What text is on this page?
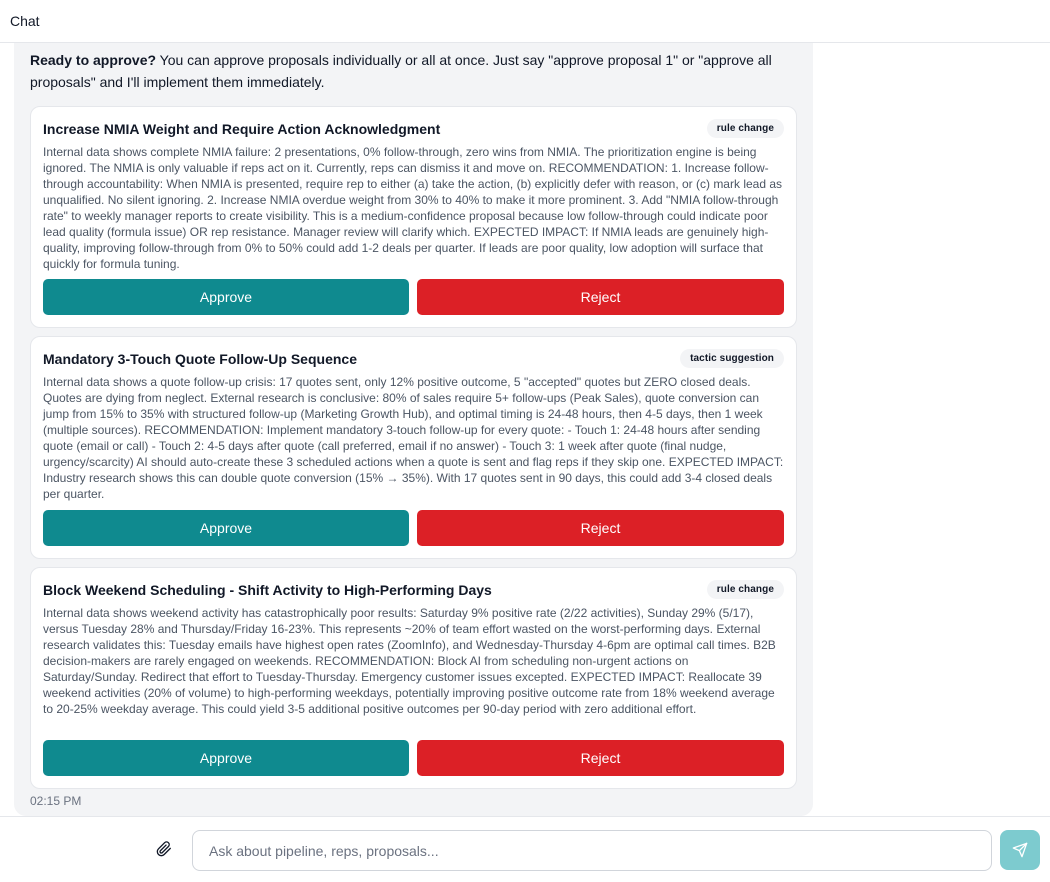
Chat
Ready to approve? You can approve proposals individually or all at once. Just say "approve proposal 1" or "approve all proposals" and I'll implement them immediately.
Increase NMIA Weight and Require Action Acknowledgment	rule change
Internal data shows complete NMIA failure: 2 presentations, 0% follow-through, zero wins from NMIA. The prioritization engine is being ignored. The NMIA is only valuable if reps act on it. Currently, reps can dismiss it and move on. RECOMMENDATION: 1. Increase follow-through accountability: When NMIA is presented, require rep to either (a) take the action, (b) explicitly defer with reason, or (c) mark lead as unqualified. No silent ignoring. 2. Increase NMIA overdue weight from 30% to 40% to make it more prominent. 3. Add "NMIA follow-through rate" to weekly manager reports to create visibility. This is a medium-confidence proposal because low follow-through could indicate poor lead quality (formula issue) OR rep resistance. Manager review will clarify which. EXPECTED IMPACT: If NMIA leads are genuinely high-quality, improving follow-through from 0% to 50% could add 1-2 deals per quarter. If leads are poor quality, low adoption will surface that quickly for formula tuning.
Approve	Reject
Mandatory 3-Touch Quote Follow-Up Sequence	tactic suggestion
Internal data shows a quote follow-up crisis: 17 quotes sent, only 12% positive outcome, 5 "accepted" quotes but ZERO closed deals. Quotes are dying from neglect. External research is conclusive: 80% of sales require 5+ follow-ups (Peak Sales), quote conversion can jump from 15% to 35% with structured follow-up (Marketing Growth Hub), and optimal timing is 24-48 hours, then 4-5 days, then 1 week (multiple sources). RECOMMENDATION: Implement mandatory 3-touch follow-up for every quote: - Touch 1: 24-48 hours after sending quote (email or call) - Touch 2: 4-5 days after quote (call preferred, email if no answer) - Touch 3: 1 week after quote (final nudge, urgency/scarcity) AI should auto-create these 3 scheduled actions when a quote is sent and flag reps if they skip one. EXPECTED IMPACT: Industry research shows this can double quote conversion (15% → 35%). With 17 quotes sent in 90 days, this could add 3-4 closed deals per quarter.
Approve	Reject
Block Weekend Scheduling - Shift Activity to High-Performing Days	rule change
Internal data shows weekend activity has catastrophically poor results: Saturday 9% positive rate (2/22 activities), Sunday 29% (5/17), versus Tuesday 28% and Thursday/Friday 16-23%. This represents ~20% of team effort wasted on the worst-performing days. External research validates this: Tuesday emails have highest open rates (ZoomInfo), and Wednesday-Thursday 4-6pm are optimal call times. B2B decision-makers are rarely engaged on weekends. RECOMMENDATION: Block AI from scheduling non-urgent actions on Saturday/Sunday. Redirect that effort to Tuesday-Thursday. Emergency customer issues excepted. EXPECTED IMPACT: Reallocate 39 weekend activities (20% of volume) to high-performing weekdays, potentially improving positive outcome rate from 18% weekend average to 20-25% weekday average. This could yield 3-5 additional positive outcomes per 90-day period with zero additional effort.
Approve	Reject
02:15 PM
Ask about pipeline, reps, proposals...
